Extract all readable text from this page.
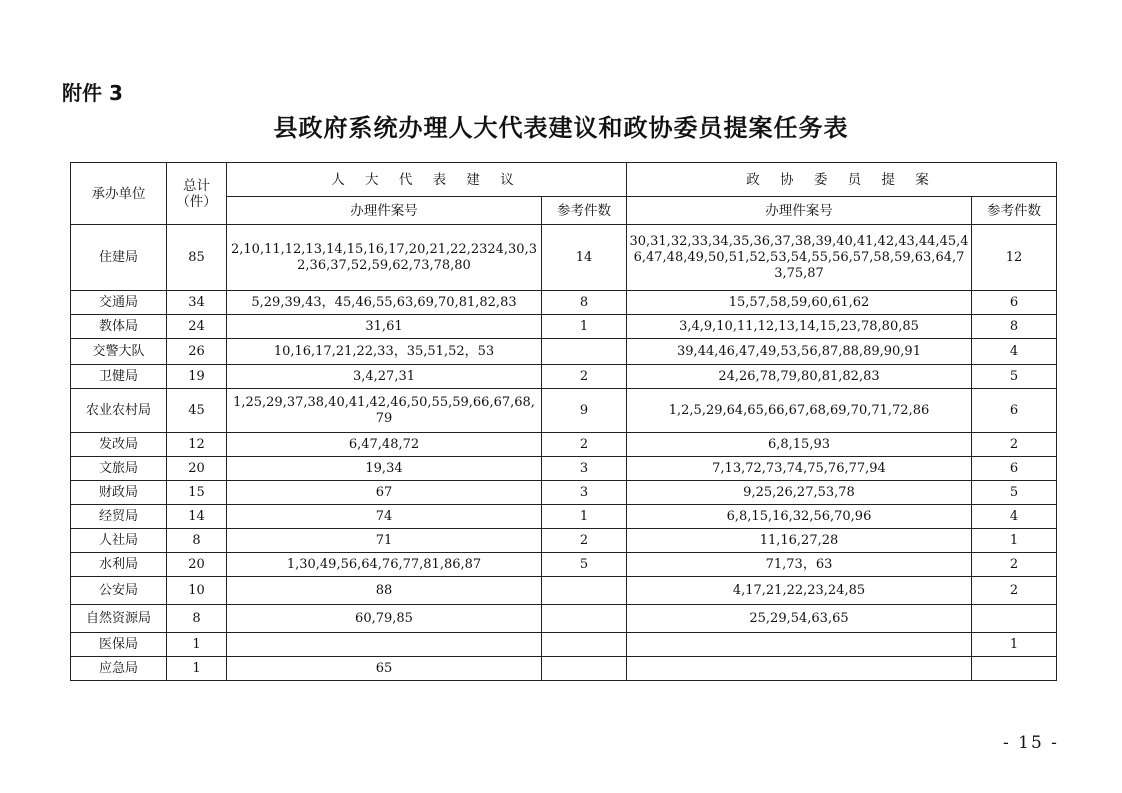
附件 3
县政府系统办理人大代表建议和政协委员提案任务表
承办单位	总计（件）	人 大 代 表 建 议		政 协 委 员 提 案	
		办理件案号	参考件数	办理件案号	参考件数
住建局	85	2,10,11,12,13,14,15,16,17,20,21,22,2324,30,32,36,37,52,59,62,73,78,80	14	30,31,32,33,34,35,36,37,38,39,40,41,42,43,44,45,46,47,48,49,50,51,52,53,54,55,56,57,58,59,63,64,73,75,87	12
交通局	34	5,29,39,43，45,46,55,63,69,70,81,82,83	8	15,57,58,59,60,61,62	6
教体局	24	31,61	1	3,4,9,10,11,12,13,14,15,23,78,80,85	8
交警大队	26	10,16,17,21,22,33，35,51,52，53		39,44,46,47,49,53,56,87,88,89,90,91	4
卫健局	19	3,4,27,31	2	24,26,78,79,80,81,82,83	5
农业农村局	45	1,25,29,37,38,40,41,42,46,50,55,59,66,67,68,79	9	1,2,5,29,64,65,66,67,68,69,70,71,72,86	6
发改局	12	6,47,48,72	2	6,8,15,93	2
文旅局	20	19,34	3	7,13,72,73,74,75,76,77,94	6
财政局	15	67	3	9,25,26,27,53,78	5
经贸局	14	74	1	6,8,15,16,32,56,70,96	4
人社局	8	71	2	11,16,27,28	1
水利局	20	1,30,49,56,64,76,77,81,86,87	5	71,73，63	2
公安局	10	88		4,17,21,22,23,24,85	2
自然资源局	8	60,79,85		25,29,54,63,65	
医保局	1				1
应急局	1	65			
- 15 -
